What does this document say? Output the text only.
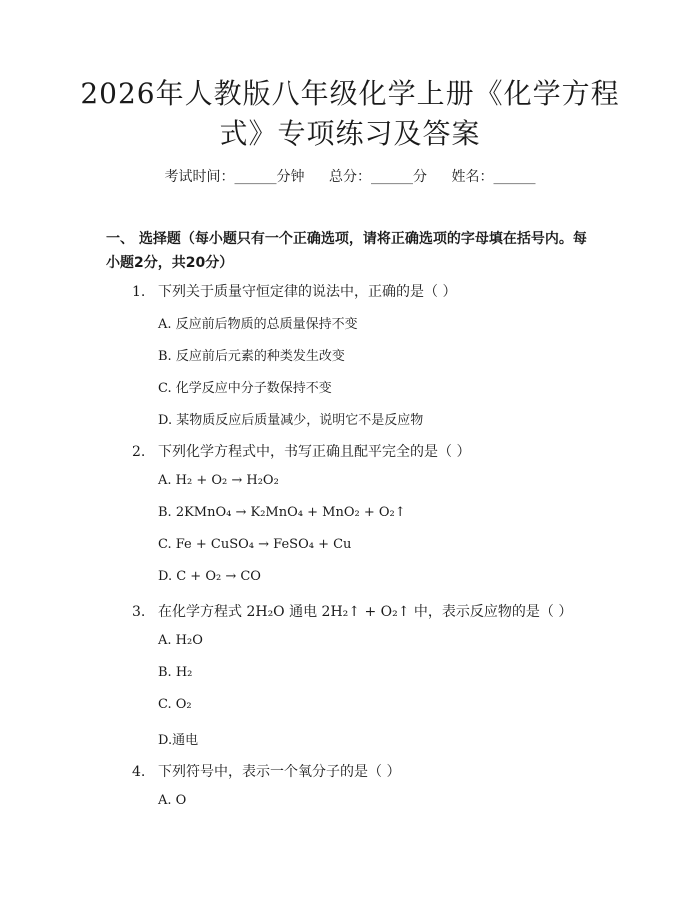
2026年人教版八年级化学上册《化学方程
式》专项练习及答案
考试时间：______分钟 总分：______分 姓名：______
一、 选择题（每小题只有一个正确选项，请将正确选项的字母填在括号内。每小题2分，共20分）
1. 下列关于质量守恒定律的说法中，正确的是（ ）
A. 反应前后物质的总质量保持不变
B. 反应前后元素的种类发生改变
C. 化学反应中分子数保持不变
D. 某物质反应后质量减少，说明它不是反应物
2. 下列化学方程式中，书写正确且配平完全的是（ ）
A. H₂ + O₂ → H₂O₂
B. 2KMnO₄ → K₂MnO₄ + MnO₂ + O₂↑
C. Fe + CuSO₄ → FeSO₄ + Cu
D. C + O₂ → CO
3. 在化学方程式 2H₂O 通电 2H₂↑ + O₂↑ 中，表示反应物的是（ ）
A. H₂O
B. H₂
C. O₂
D.通电
4. 下列符号中，表示一个氧分子的是（ ）
A. O
